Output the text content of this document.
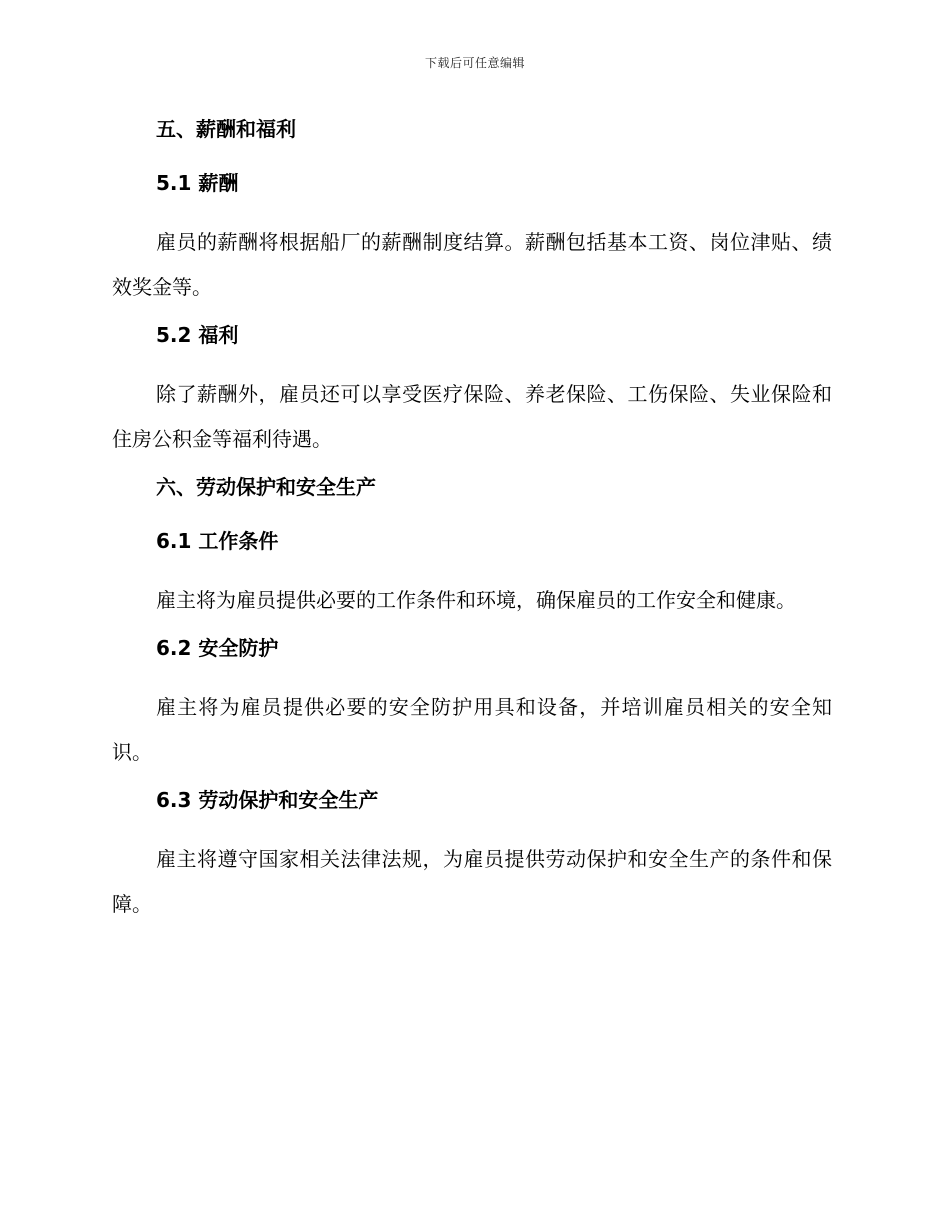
下载后可任意编辑
五、薪酬和福利
5.1 薪酬

雇员的薪酬将根据船厂的薪酬制度结算。薪酬包括基本工资、岗位津贴、绩效奖金等。

5.2 福利

除了薪酬外，雇员还可以享受医疗保险、养老保险、工伤保险、失业保险和住房公积金等福利待遇。

六、劳动保护和安全生产
6.1 工作条件

雇主将为雇员提供必要的工作条件和环境，确保雇员的工作安全和健康。

6.2 安全防护

雇主将为雇员提供必要的安全防护用具和设备，并培训雇员相关的安全知识。

6.3 劳动保护和安全生产

雇主将遵守国家相关法律法规，为雇员提供劳动保护和安全生产的条件和保障。
